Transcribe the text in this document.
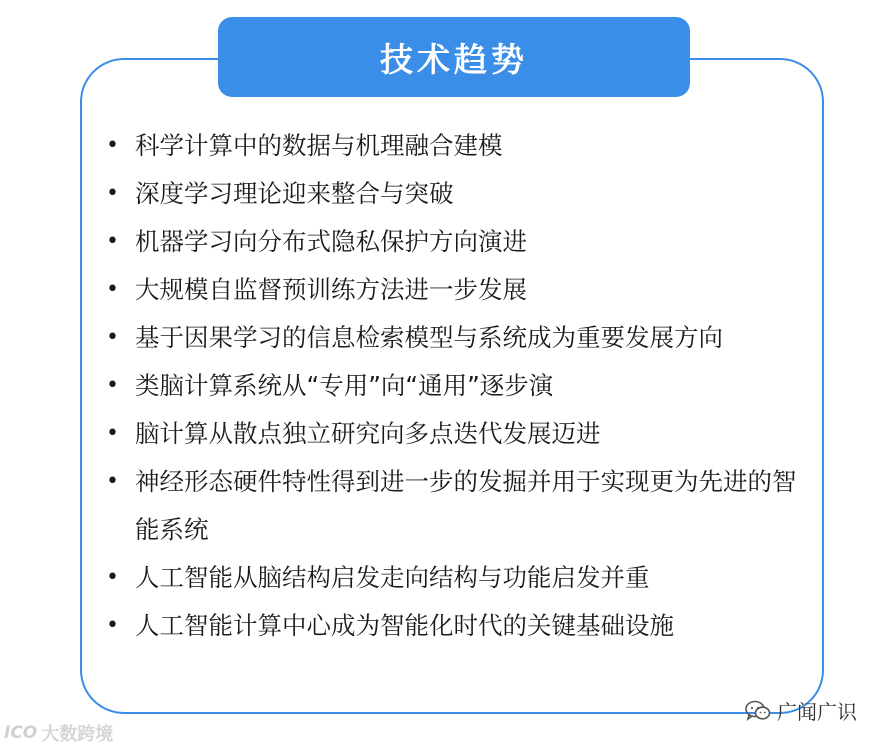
技术趋势
• 科学计算中的数据与机理融合建模
• 深度学习理论迎来整合与突破
• 机器学习向分布式隐私保护方向演进
• 大规模自监督预训练方法进一步发展
• 基于因果学习的信息检索模型与系统成为重要发展方向
• 类脑计算系统从“专用”向“通用”逐步演
• 脑计算从散点独立研究向多点迭代发展迈进
• 神经形态硬件特性得到进一步的发掘并用于实现更为先进的智能系统
• 人工智能从脑结构启发走向结构与功能启发并重
• 人工智能计算中心成为智能化时代的关键基础设施
ICO 大数跨境
广闻广识
